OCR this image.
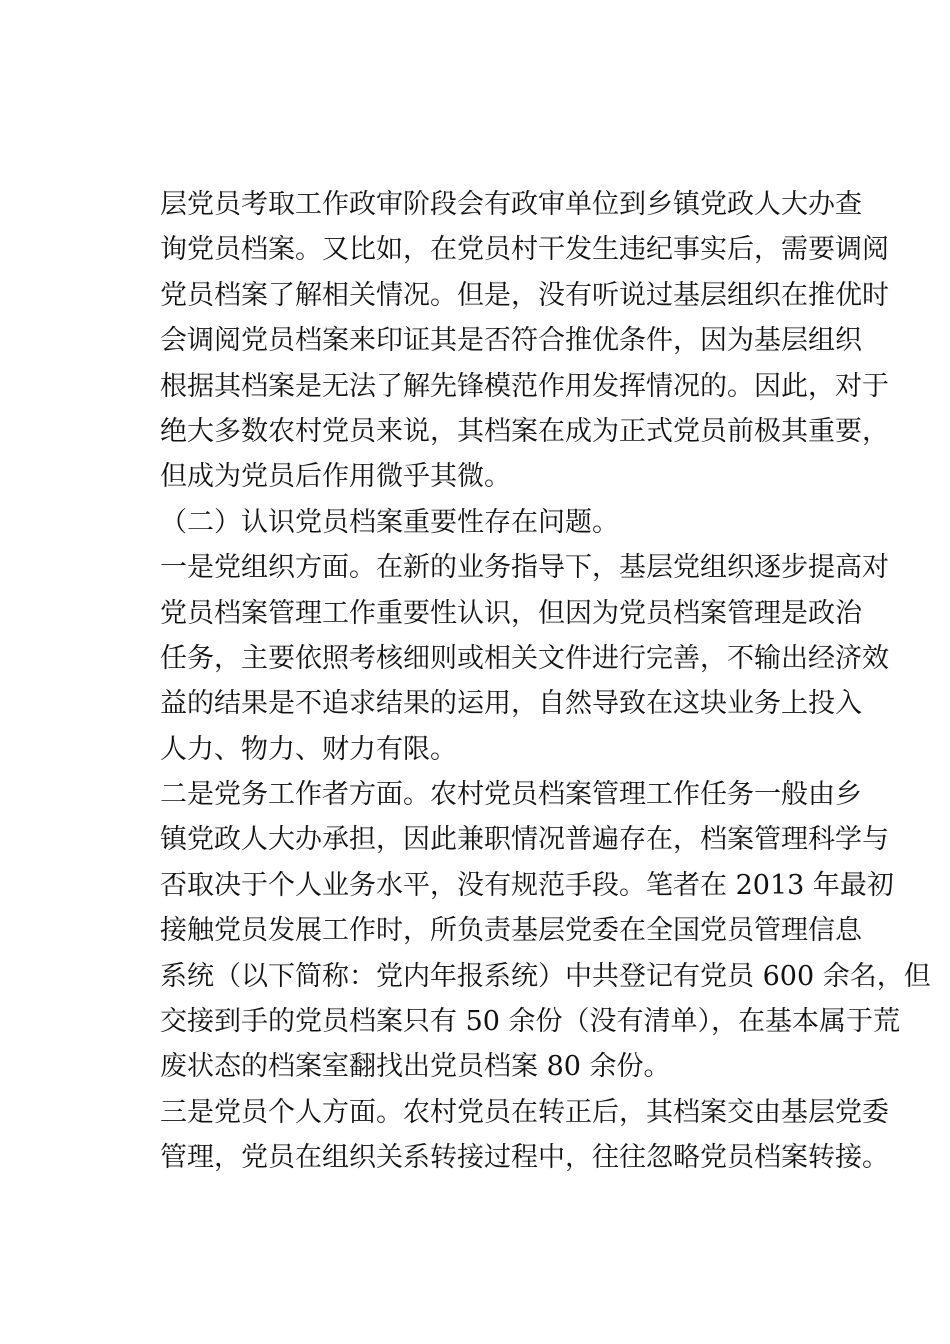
层党员考取工作政审阶段会有政审单位到乡镇党政人大办查
询党员档案。又比如，在党员村干发生违纪事实后，需要调阅
党员档案了解相关情况。但是，没有听说过基层组织在推优时
会调阅党员档案来印证其是否符合推优条件，因为基层组织
根据其档案是无法了解先锋模范作用发挥情况的。因此，对于
绝大多数农村党员来说，其档案在成为正式党员前极其重要，
但成为党员后作用微乎其微。
（二）认识党员档案重要性存在问题。
一是党组织方面。在新的业务指导下，基层党组织逐步提高对
党员档案管理工作重要性认识，但因为党员档案管理是政治
任务，主要依照考核细则或相关文件进行完善，不输出经济效
益的结果是不追求结果的运用，自然导致在这块业务上投入
人力、物力、财力有限。
二是党务工作者方面。农村党员档案管理工作任务一般由乡
镇党政人大办承担，因此兼职情况普遍存在，档案管理科学与
否取决于个人业务水平，没有规范手段。笔者在 2013 年最初
接触党员发展工作时，所负责基层党委在全国党员管理信息
系统（以下简称：党内年报系统）中共登记有党员 600 余名，但
交接到手的党员档案只有 50 余份（没有清单），在基本属于荒
废状态的档案室翻找出党员档案 80 余份。
三是党员个人方面。农村党员在转正后，其档案交由基层党委
管理，党员在组织关系转接过程中，往往忽略党员档案转接。
